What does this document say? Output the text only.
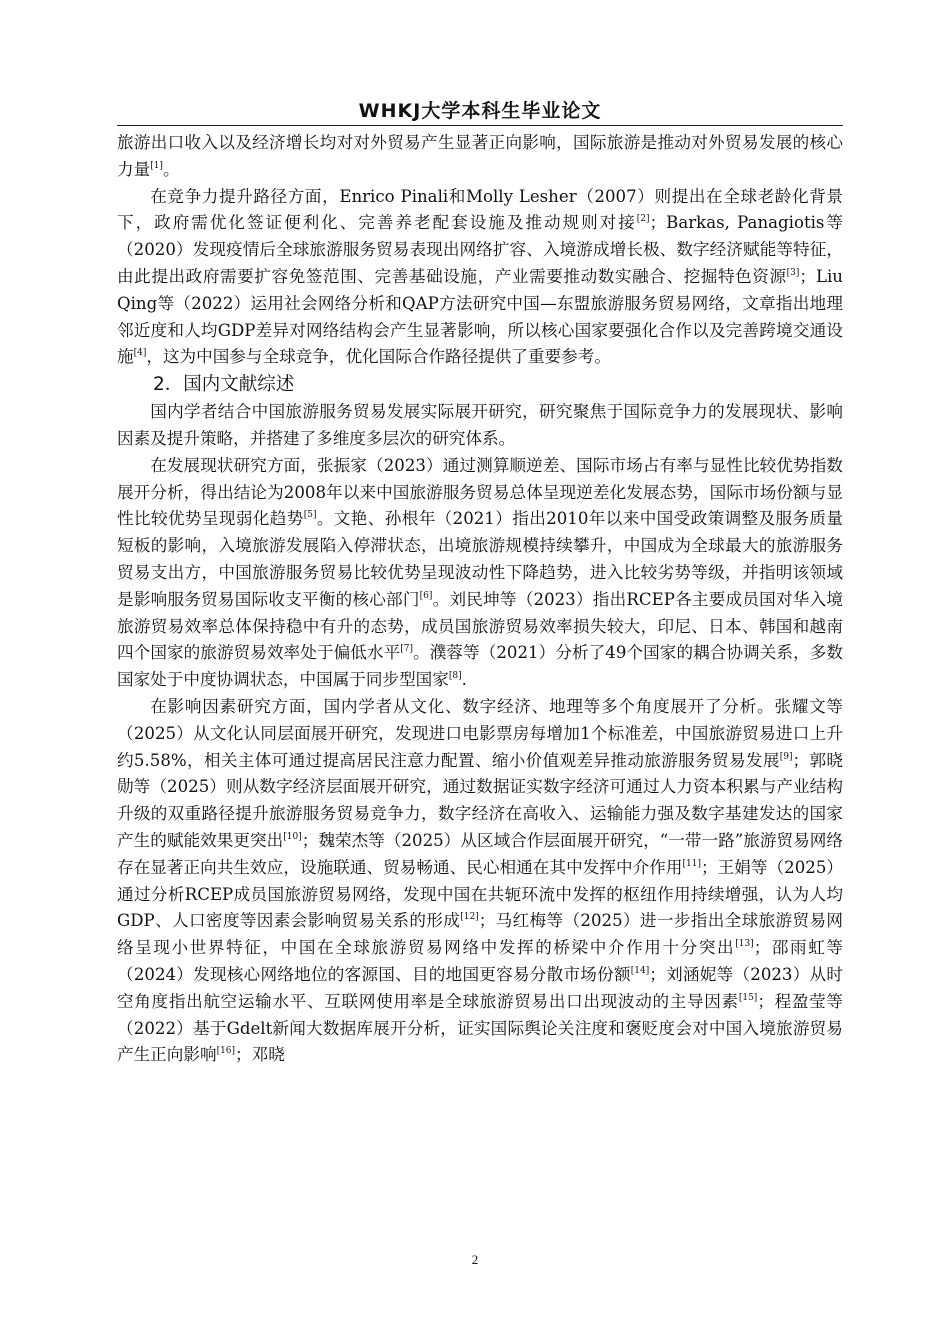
WHKJ大学本科生毕业论文

旅游出口收入以及经济增长均对对外贸易产生显著正向影响，国际旅游是推动对外贸易发展的核心力量[1]。

在竞争力提升路径方面，Enrico Pinali和Molly Lesher（2007）则提出在全球老龄化背景下，政府需优化签证便利化、完善养老配套设施及推动规则对接[2]；Barkas, Panagiotis等（2020）发现疫情后全球旅游服务贸易表现出网络扩容、入境游成增长极、数字经济赋能等特征，由此提出政府需要扩容免签范围、完善基础设施，产业需要推动数实融合、挖掘特色资源[3]；Liu Qing等（2022）运用社会网络分析和QAP方法研究中国—东盟旅游服务贸易网络，文章指出地理邻近度和人均GDP差异对网络结构会产生显著影响，所以核心国家要强化合作以及完善跨境交通设施[4]，这为中国参与全球竞争，优化国际合作路径提供了重要参考。

2．国内文献综述

国内学者结合中国旅游服务贸易发展实际展开研究，研究聚焦于国际竞争力的发展现状、影响因素及提升策略，并搭建了多维度多层次的研究体系。

在发展现状研究方面，张振家（2023）通过测算顺逆差、国际市场占有率与显性比较优势指数展开分析，得出结论为2008年以来中国旅游服务贸易总体呈现逆差化发展态势，国际市场份额与显性比较优势呈现弱化趋势[5]。文艳、孙根年（2021）指出2010年以来中国受政策调整及服务质量短板的影响，入境旅游发展陷入停滞状态，出境旅游规模持续攀升，中国成为全球最大的旅游服务贸易支出方，中国旅游服务贸易比较优势呈现波动性下降趋势，进入比较劣势等级，并指明该领域是影响服务贸易国际收支平衡的核心部门[6]。刘民坤等（2023）指出RCEP各主要成员国对华入境旅游贸易效率总体保持稳中有升的态势，成员国旅游贸易效率损失较大，印尼、日本、韩国和越南四个国家的旅游贸易效率处于偏低水平[7]。濮蓉等（2021）分析了49个国家的耦合协调关系，多数国家处于中度协调状态，中国属于同步型国家[8].

在影响因素研究方面，国内学者从文化、数字经济、地理等多个角度展开了分析。张耀文等（2025）从文化认同层面展开研究，发现进口电影票房每增加1个标准差，中国旅游贸易进口上升约5.58%，相关主体可通过提高居民注意力配置、缩小价值观差异推动旅游服务贸易发展[9]；郭晓勋等（2025）则从数字经济层面展开研究，通过数据证实数字经济可通过人力资本积累与产业结构升级的双重路径提升旅游服务贸易竞争力，数字经济在高收入、运输能力强及数字基建发达的国家产生的赋能效果更突出[10]；魏荣杰等（2025）从区域合作层面展开研究，“一带一路”旅游贸易网络存在显著正向共生效应，设施联通、贸易畅通、民心相通在其中发挥中介作用[11]；王娟等（2025）通过分析RCEP成员国旅游贸易网络，发现中国在共轭环流中发挥的枢纽作用持续增强，认为人均GDP、人口密度等因素会影响贸易关系的形成[12]；马红梅等（2025）进一步指出全球旅游贸易网络呈现小世界特征，中国在全球旅游贸易网络中发挥的桥梁中介作用十分突出[13]；邵雨虹等（2024）发现核心网络地位的客源国、目的地国更容易分散市场份额[14]；刘涵妮等（2023）从时空角度指出航空运输水平、互联网使用率是全球旅游贸易出口出现波动的主导因素[15]；程盈莹等（2022）基于Gdelt新闻大数据库展开分析，证实国际舆论关注度和褒贬度会对中国入境旅游贸易产生正向影响[16]；邓晓

2
